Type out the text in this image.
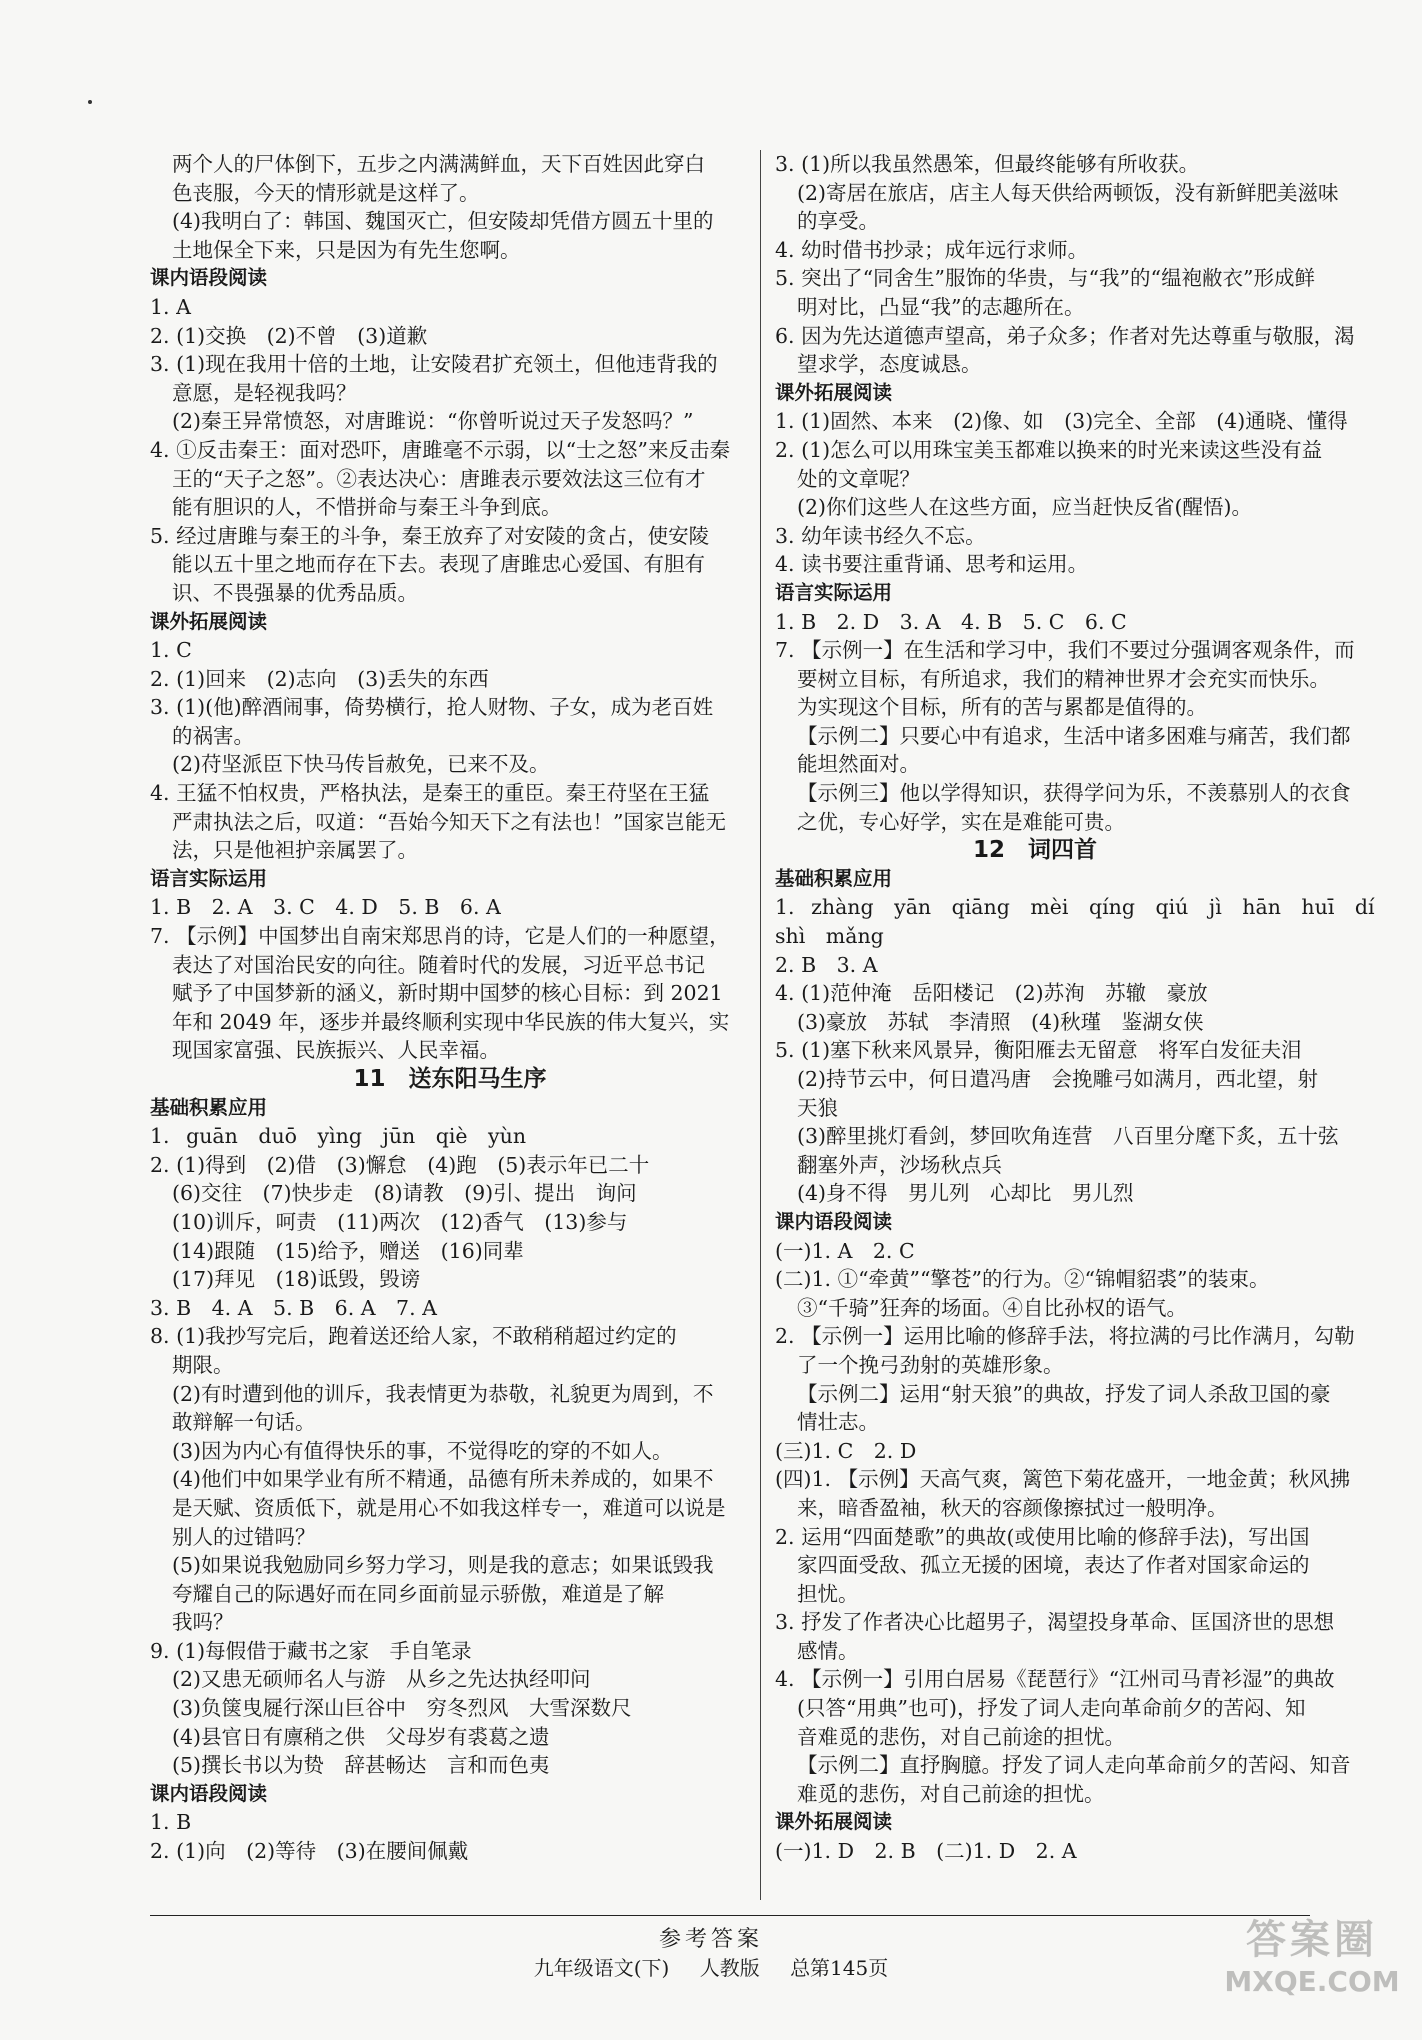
两个人的尸体倒下，五步之内满满鲜血，天下百姓因此穿白
色丧服，今天的情形就是这样了。
(4)我明白了：韩国、魏国灭亡，但安陵却凭借方圆五十里的
土地保全下来，只是因为有先生您啊。
课内语段阅读
1. A
2. (1)交换　(2)不曾　(3)道歉
3. (1)现在我用十倍的土地，让安陵君扩充领土，但他违背我的
意愿，是轻视我吗？
(2)秦王异常愤怒，对唐雎说：“你曾听说过天子发怒吗？”
4. ①反击秦王：面对恐吓，唐雎毫不示弱，以“士之怒”来反击秦
王的“天子之怒”。②表达决心：唐雎表示要效法这三位有才
能有胆识的人，不惜拼命与秦王斗争到底。
5. 经过唐雎与秦王的斗争，秦王放弃了对安陵的贪占，使安陵
能以五十里之地而存在下去。表现了唐雎忠心爱国、有胆有
识、不畏强暴的优秀品质。
课外拓展阅读
1. C
2. (1)回来　(2)志向　(3)丢失的东西
3. (1)(他)醉酒闹事，倚势横行，抢人财物、子女，成为老百姓
的祸害。
(2)苻坚派臣下快马传旨赦免，已来不及。
4. 王猛不怕权贵，严格执法，是秦王的重臣。秦王苻坚在王猛
严肃执法之后，叹道：“吾始今知天下之有法也！”国家岂能无
法，只是他袒护亲属罢了。
语言实际运用
1. B　2. A　3. C　4. D　5. B　6. A
7. 【示例】中国梦出自南宋郑思肖的诗，它是人们的一种愿望，
表达了对国治民安的向往。随着时代的发展，习近平总书记
赋予了中国梦新的涵义，新时期中国梦的核心目标：到 2021
年和 2049 年，逐步并最终顺利实现中华民族的伟大复兴，实
现国家富强、民族振兴、人民幸福。
11　送东阳马生序
基础积累应用
1. guān　duō　yìng　jūn　qiè　yùn
2. (1)得到　(2)借　(3)懈怠　(4)跑　(5)表示年已二十
(6)交往　(7)快步走　(8)请教　(9)引、提出　询问
(10)训斥，呵责　(11)两次　(12)香气　(13)参与
(14)跟随　(15)给予，赠送　(16)同辈
(17)拜见　(18)诋毁，毁谤
3. B　4. A　5. B　6. A　7. A
8. (1)我抄写完后，跑着送还给人家，不敢稍稍超过约定的
期限。
(2)有时遭到他的训斥，我表情更为恭敬，礼貌更为周到，不
敢辩解一句话。
(3)因为内心有值得快乐的事，不觉得吃的穿的不如人。
(4)他们中如果学业有所不精通，品德有所未养成的，如果不
是天赋、资质低下，就是用心不如我这样专一，难道可以说是
别人的过错吗？
(5)如果说我勉励同乡努力学习，则是我的意志；如果诋毁我
夸耀自己的际遇好而在同乡面前显示骄傲，难道是了解
我吗？
9. (1)每假借于藏书之家　手自笔录
(2)又患无硕师名人与游　从乡之先达执经叩问
(3)负箧曳屣行深山巨谷中　穷冬烈风　大雪深数尺
(4)县官日有廪稍之供　父母岁有裘葛之遗
(5)撰长书以为贽　辞甚畅达　言和而色夷
课内语段阅读
1. B
2. (1)向　(2)等待　(3)在腰间佩戴
3. (1)所以我虽然愚笨，但最终能够有所收获。
(2)寄居在旅店，店主人每天供给两顿饭，没有新鲜肥美滋味
的享受。
4. 幼时借书抄录；成年远行求师。
5. 突出了“同舍生”服饰的华贵，与“我”的“缊袍敝衣”形成鲜
明对比，凸显“我”的志趣所在。
6. 因为先达道德声望高，弟子众多；作者对先达尊重与敬服，渴
望求学，态度诚恳。
课外拓展阅读
1. (1)固然、本来　(2)像、如　(3)完全、全部　(4)通晓、懂得
2. (1)怎么可以用珠宝美玉都难以换来的时光来读这些没有益
处的文章呢？
(2)你们这些人在这些方面，应当赶快反省(醒悟)。
3. 幼年读书经久不忘。
4. 读书要注重背诵、思考和运用。
语言实际运用
1. B　2. D　3. A　4. B　5. C　6. C
7. 【示例一】在生活和学习中，我们不要过分强调客观条件，而
要树立目标，有所追求，我们的精神世界才会充实而快乐。
为实现这个目标，所有的苦与累都是值得的。
【示例二】只要心中有追求，生活中诸多困难与痛苦，我们都
能坦然面对。
【示例三】他以学得知识，获得学问为乐，不羡慕别人的衣食
之优，专心好学，实在是难能可贵。
12　词四首
基础积累应用
1. zhàng　yān　qiāng　mèi　qíng　qiú　jì　hān　huī　dí
shì　mǎng
2. B　3. A
4. (1)范仲淹　岳阳楼记　(2)苏洵　苏辙　豪放
(3)豪放　苏轼　李清照　(4)秋瑾　鉴湖女侠
5. (1)塞下秋来风景异，衡阳雁去无留意　将军白发征夫泪
(2)持节云中，何日遣冯唐　会挽雕弓如满月，西北望，射
天狼
(3)醉里挑灯看剑，梦回吹角连营　八百里分麾下炙，五十弦
翻塞外声，沙场秋点兵
(4)身不得　男儿列　心却比　男儿烈
课内语段阅读
(一)1. A　2. C
(二)1. ①“牵黄”“擎苍”的行为。②“锦帽貂裘”的装束。
③“千骑”狂奔的场面。④自比孙权的语气。
2. 【示例一】运用比喻的修辞手法，将拉满的弓比作满月，勾勒
了一个挽弓劲射的英雄形象。
【示例二】运用“射天狼”的典故，抒发了词人杀敌卫国的豪
情壮志。
(三)1. C　2. D
(四)1. 【示例】天高气爽，篱笆下菊花盛开，一地金黄；秋风拂
来，暗香盈袖，秋天的容颜像擦拭过一般明净。
2. 运用“四面楚歌”的典故(或使用比喻的修辞手法)，写出国
家四面受敌、孤立无援的困境，表达了作者对国家命运的
担忧。
3. 抒发了作者决心比超男子，渴望投身革命、匡国济世的思想
感情。
4. 【示例一】引用白居易《琵琶行》“江州司马青衫湿”的典故
(只答“用典”也可)，抒发了词人走向革命前夕的苦闷、知
音难觅的悲伤，对自己前途的担忧。
【示例二】直抒胸臆。抒发了词人走向革命前夕的苦闷、知音
难觅的悲伤，对自己前途的担忧。
课外拓展阅读
(一)1. D　2. B　(二)1. D　2. A
参考答案
九年级语文(下) 人教版 总第145页
答案圈
MXQE.COM
